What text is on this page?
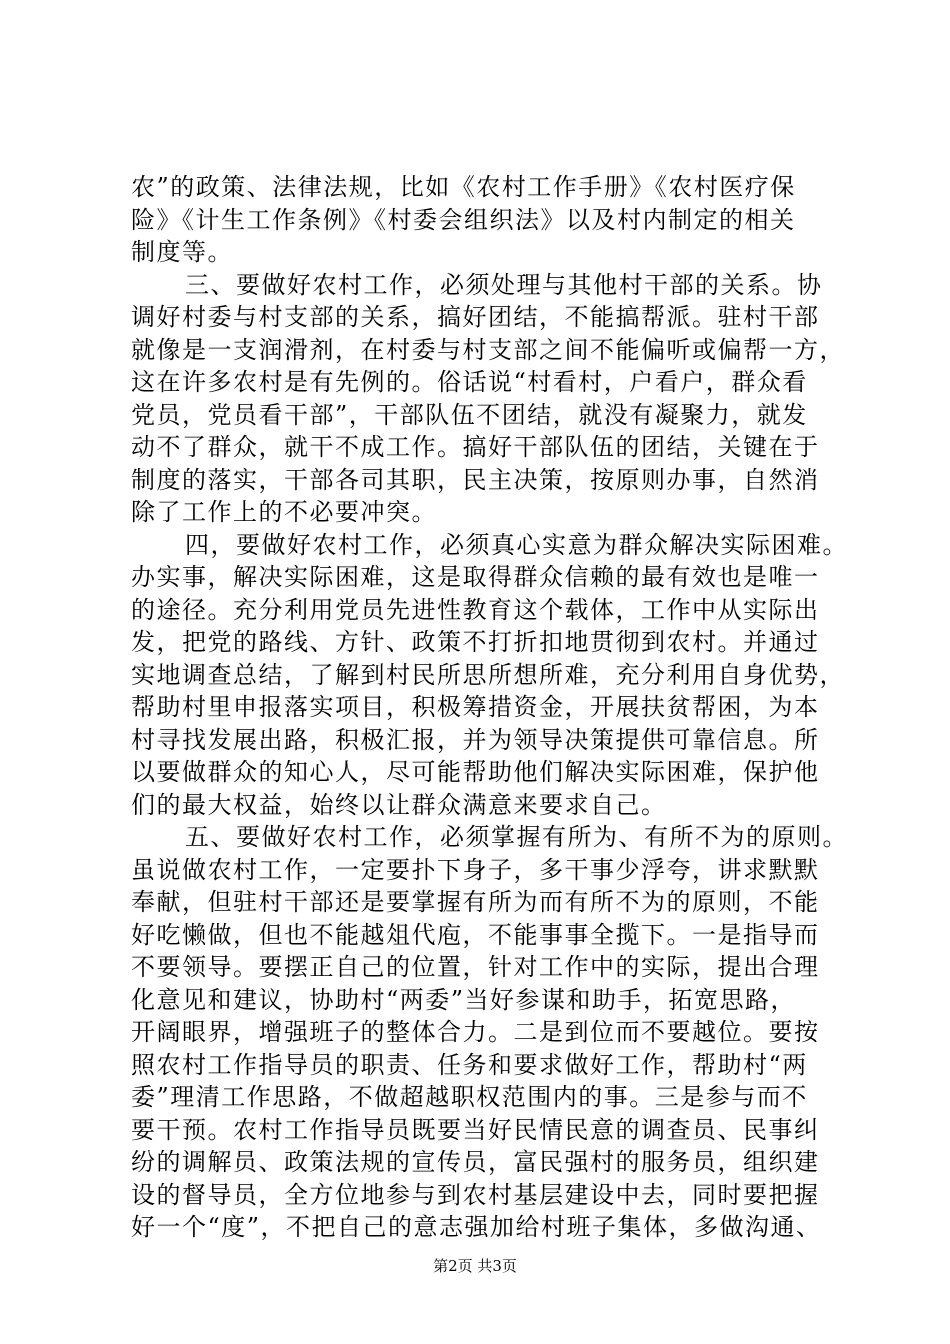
农”的政策、法律法规，比如《农村工作手册》《农村医疗保
险》《计生工作条例》《村委会组织法》以及村内制定的相关
制度等。
三、要做好农村工作，必须处理与其他村干部的关系。协
调好村委与村支部的关系，搞好团结，不能搞帮派。驻村干部
就像是一支润滑剂，在村委与村支部之间不能偏听或偏帮一方，
这在许多农村是有先例的。俗话说“村看村，户看户，群众看
党员，党员看干部”，干部队伍不团结，就没有凝聚力，就发
动不了群众，就干不成工作。搞好干部队伍的团结，关键在于
制度的落实，干部各司其职，民主决策，按原则办事，自然消
除了工作上的不必要冲突。
四，要做好农村工作，必须真心实意为群众解决实际困难。
办实事，解决实际困难，这是取得群众信赖的最有效也是唯一
的途径。充分利用党员先进性教育这个载体，工作中从实际出
发，把党的路线、方针、政策不打折扣地贯彻到农村。并通过
实地调查总结，了解到村民所思所想所难，充分利用自身优势，
帮助村里申报落实项目，积极筹措资金，开展扶贫帮困，为本
村寻找发展出路，积极汇报，并为领导决策提供可靠信息。所
以要做群众的知心人，尽可能帮助他们解决实际困难，保护他
们的最大权益，始终以让群众满意来要求自己。
五、要做好农村工作，必须掌握有所为、有所不为的原则。
虽说做农村工作，一定要扑下身子，多干事少浮夸，讲求默默
奉献，但驻村干部还是要掌握有所为而有所不为的原则，不能
好吃懒做，但也不能越俎代庖，不能事事全揽下。一是指导而
不要领导。要摆正自己的位置，针对工作中的实际，提出合理
化意见和建议，协助村“两委”当好参谋和助手，拓宽思路，
开阔眼界，增强班子的整体合力。二是到位而不要越位。要按
照农村工作指导员的职责、任务和要求做好工作，帮助村“两
委”理清工作思路，不做超越职权范围内的事。三是参与而不
要干预。农村工作指导员既要当好民情民意的调查员、民事纠
纷的调解员、政策法规的宣传员，富民强村的服务员，组织建
设的督导员，全方位地参与到农村基层建设中去，同时要把握
好一个“度”，不把自己的意志强加给村班子集体，多做沟通、
第2页 共3页
